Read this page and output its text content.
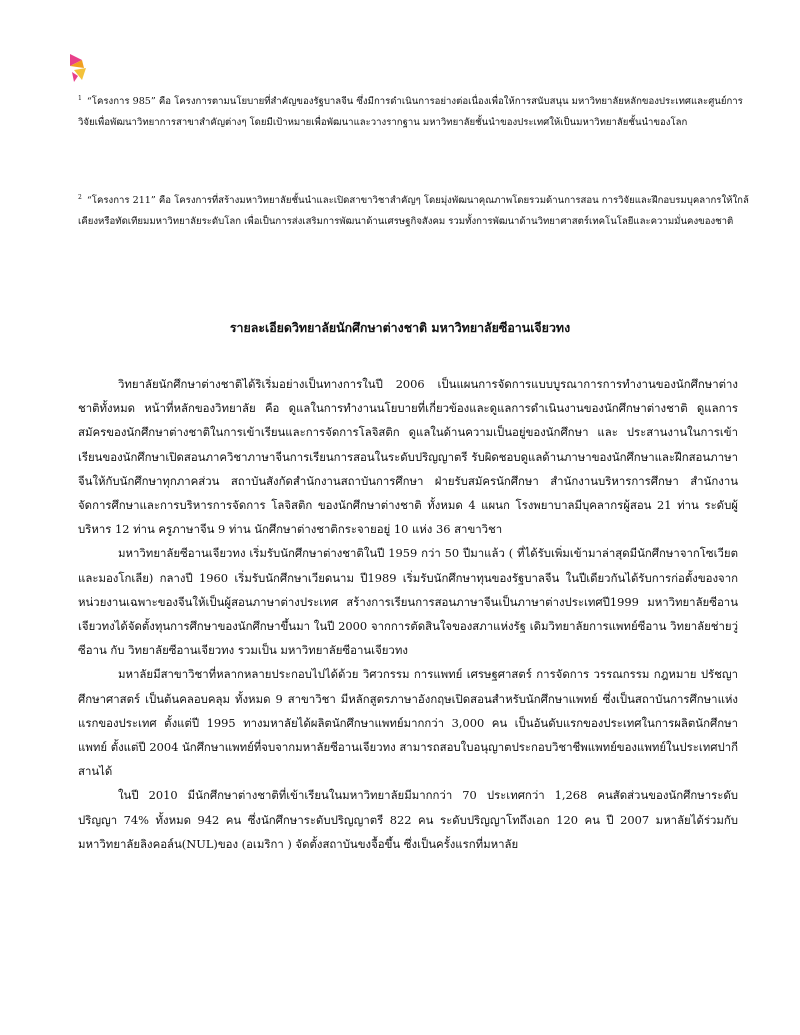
$^1$ “โครงการ 985” คือ โครงการตามนโยบายที่สำคัญของรัฐบาลจีน ซึ่งมีการดำเนินการอย่างต่อเนื่องเพื่อให้การสนับสนุน มหาวิทยาลัยหลักของประเทศและศูนย์การวิจัยเพื่อพัฒนาวิทยาการสาขาสำคัญต่างๆ โดยมีเป้าหมายเพื่อพัฒนาและวางรากฐาน มหาวิทยาลัยชั้นนำของประเทศให้เป็นมหาวิทยาลัยชั้นนำของโลก
$^2$ “โครงการ 211” คือ โครงการที่สร้างมหาวิทยาลัยชั้นนำและเปิดสาขาวิชาสำคัญๆ โดยมุ่งพัฒนาคุณภาพโดยรวมด้านการสอน การวิจัยและฝึกอบรมบุคลากรให้ใกล้เคียงหรือทัดเทียมมหาวิทยาลัยระดับโลก เพื่อเป็นการส่งเสริมการพัฒนาด้านเศรษฐกิจสังคม รวมทั้งการพัฒนาด้านวิทยาศาสตร์เทคโนโลยีและความมั่นคงของชาติ
รายละเอียดวิทยาลัยนักศึกษาต่างชาติ มหาวิทยาลัยซีอานเจียวทง

วิทยาลัยนักศึกษาต่างชาติได้ริเริ่มอย่างเป็นทางการในปี 2006 เป็นแผนการจัดการแบบบูรณาการการทำงานของนักศึกษาต่างชาติทั้งหมด หน้าที่หลักของวิทยาลัย คือ ดูแลในการทำงานนโยบายที่เกี่ยวข้องและดูแลการดำเนินงานของนักศึกษาต่างชาติ ดูแลการสมัครของนักศึกษาต่างชาติในการเข้าเรียนและการจัดการโลจิสติก ดูแลในด้านความเป็นอยู่ของนักศึกษา และ ประสานงานในการเข้าเรียนของนักศึกษาเปิดสอนภาควิชาภาษาจีนการเรียนการสอนในระดับปริญญาตรี รับผิดชอบดูแลด้านภาษาของนักศึกษาและฝึกสอนภาษาจีนให้กับนักศึกษาทุกภาคส่วน สถาบันสังกัดสำนักงานสถาบันการศึกษา ฝ่ายรับสมัครนักศึกษา สำนักงานบริหารการศึกษา สำนักงานจัดการศึกษาและการบริหารการจัดการ โลจิสติก ของนักศึกษาต่างชาติ ทั้งหมด 4 แผนก โรงพยาบาลมีบุคลากรผู้สอน 21 ท่าน ระดับผู้บริหาร 12 ท่าน ครูภาษาจีน 9 ท่าน นักศึกษาต่างชาติกระจายอยู่ 10 แห่ง 36 สาขาวิชา

มหาวิทยาลัยซีอานเจียวทง เริ่มรับนักศึกษาต่างชาติในปี 1959 กว่า 50 ปีมาแล้ว ( ที่ได้รับเพิ่มเข้ามาล่าสุดมีนักศึกษาจากโซเวียตและมองโกเลีย) กลางปี 1960 เริ่มรับนักศึกษาเวียดนาม ปี1989 เริ่มรับนักศึกษาทุนของรัฐบาลจีน ในปีเดียวกันได้รับการก่อตั้งของจากหน่วยงานเฉพาะของจีนให้เป็นผู้สอนภาษาต่างประเทศ สร้างการเรียนการสอนภาษาจีนเป็นภาษาต่างประเทศปี1999 มหาวิทยาลัยซีอานเจียวทงได้จัดตั้งทุนการศึกษาของนักศึกษาขึ้นมา ในปี 2000 จากการตัดสินใจของสภาแห่งรัฐ เดิมวิทยาลัยการแพทย์ซีอาน วิทยาลัยช่ายวู่ซีอาน กับ วิทยาลัยซีอานเจียวทง รวมเป็น มหาวิทยาลัยซีอานเจียวทง

มหาลัยมีสาขาวิชาที่หลากหลายประกอบไปได้ด้วย วิศวกรรม การแพทย์ เศรษฐศาสตร์ การจัดการ วรรณกรรม กฎหมาย ปรัชญา ศึกษาศาสตร์ เป็นต้นคลอบคลุม ทั้งหมด 9 สาขาวิชา มีหลักสูตรภาษาอังกฤษเปิดสอนสำหรับนักศึกษาแพทย์ ซึ่งเป็นสถาบันการศึกษาแห่งแรกของประเทศ ตั้งแต่ปี 1995 ทางมหาลัยได้ผลิตนักศึกษาแพทย์มากกว่า 3,000 คน เป็นอันดับแรกของประเทศในการผลิตนักศึกษาแพทย์ ตั้งแต่ปี 2004 นักศึกษาแพทย์ที่จบจากมหาลัยซีอานเจียวทง สามารถสอบใบอนุญาตประกอบวิชาชีพแพทย์ของแพทย์ในประเทศปากีสานได้

ในปี 2010 มีนักศึกษาต่างชาติที่เข้าเรียนในมหาวิทยาลัยมีมากกว่า 70 ประเทศกว่า 1,268 คนสัดส่วนของนักศึกษาระดับปริญญา 74% ทั้งหมด 942 คน ซึ่งนักศึกษาระดับปริญญาตรี 822 คน ระดับปริญญาโทถึงเอก 120 คน ปี 2007 มหาลัยได้ร่วมกับมหาวิทยาลัยลิงคอล์น(NUL)ของ (อเมริกา ) จัดตั้งสถาบันขงจื้อขึ้น ซึ่งเป็นครั้งแรกที่มหาลัย
